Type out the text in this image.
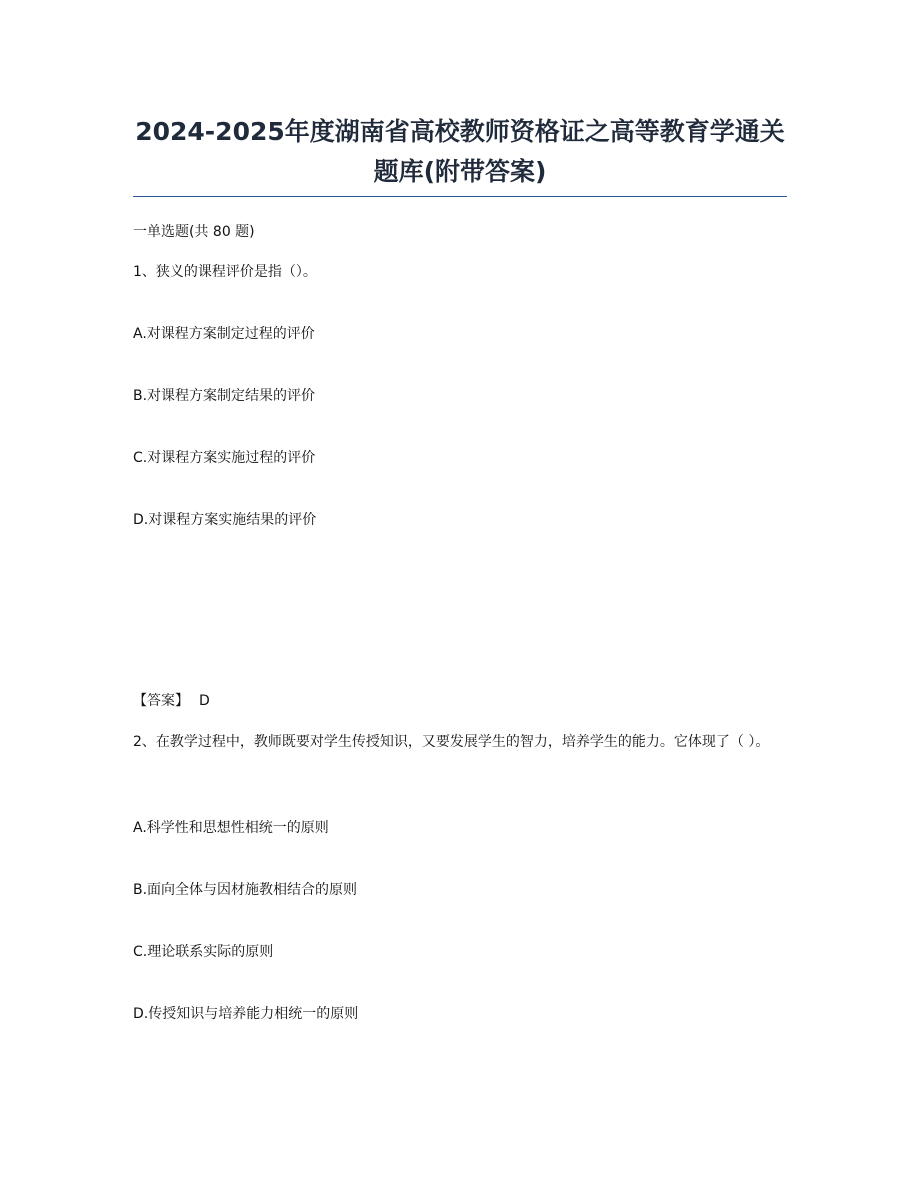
2024-2025年度湖南省高校教师资格证之高等教育学通关题库(附带答案)

一单选题(共 80 题)

1、狭义的课程评价是指（）。

A.对课程方案制定过程的评价

B.对课程方案制定结果的评价

C.对课程方案实施过程的评价

D.对课程方案实施结果的评价

【答案】 D

2、在教学过程中，教师既要对学生传授知识，又要发展学生的智力，培养学生的能力。它体现了（ ）。

A.科学性和思想性相统一的原则

B.面向全体与因材施教相结合的原则

C.理论联系实际的原则

D.传授知识与培养能力相统一的原则
